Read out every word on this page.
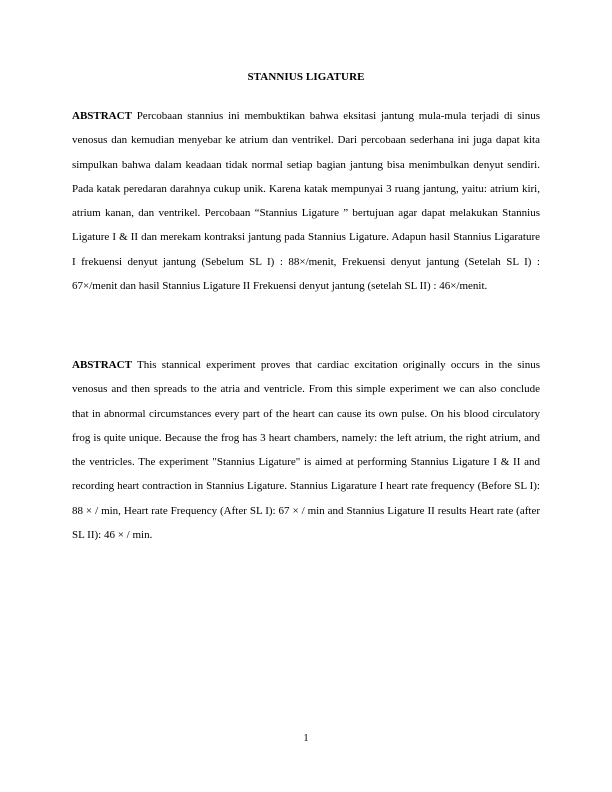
STANNIUS LIGATURE

ABSTRACT Percobaan stannius ini membuktikan bahwa eksitasi jantung mula-mula terjadi di sinus venosus dan kemudian menyebar ke atrium dan ventrikel. Dari percobaan sederhana ini juga dapat kita simpulkan bahwa dalam keadaan tidak normal setiap bagian jantung bisa menimbulkan denyut sendiri. Pada katak peredaran darahnya cukup unik. Karena katak mempunyai 3 ruang jantung, yaitu: atrium kiri, atrium kanan, dan ventrikel. Percobaan “Stannius Ligature ” bertujuan agar dapat melakukan Stannius Ligature I & II dan merekam kontraksi jantung pada Stannius Ligature. Adapun hasil Stannius Ligarature I frekuensi denyut jantung (Sebelum SL I) : 88×/menit, Frekuensi denyut jantung (Setelah SL I) : 67×/menit dan hasil Stannius Ligature II Frekuensi denyut jantung (setelah SL II) : 46×/menit.

ABSTRACT This stannical experiment proves that cardiac excitation originally occurs in the sinus venosus and then spreads to the atria and ventricle. From this simple experiment we can also conclude that in abnormal circumstances every part of the heart can cause its own pulse. On his blood circulatory frog is quite unique. Because the frog has 3 heart chambers, namely: the left atrium, the right atrium, and the ventricles. The experiment "Stannius Ligature" is aimed at performing Stannius Ligature I & II and recording heart contraction in Stannius Ligature. Stannius Ligarature I heart rate frequency (Before SL I): 88 × / min, Heart rate Frequency (After SL I): 67 × / min and Stannius Ligature II results Heart rate (after SL II): 46 × / min.

1
